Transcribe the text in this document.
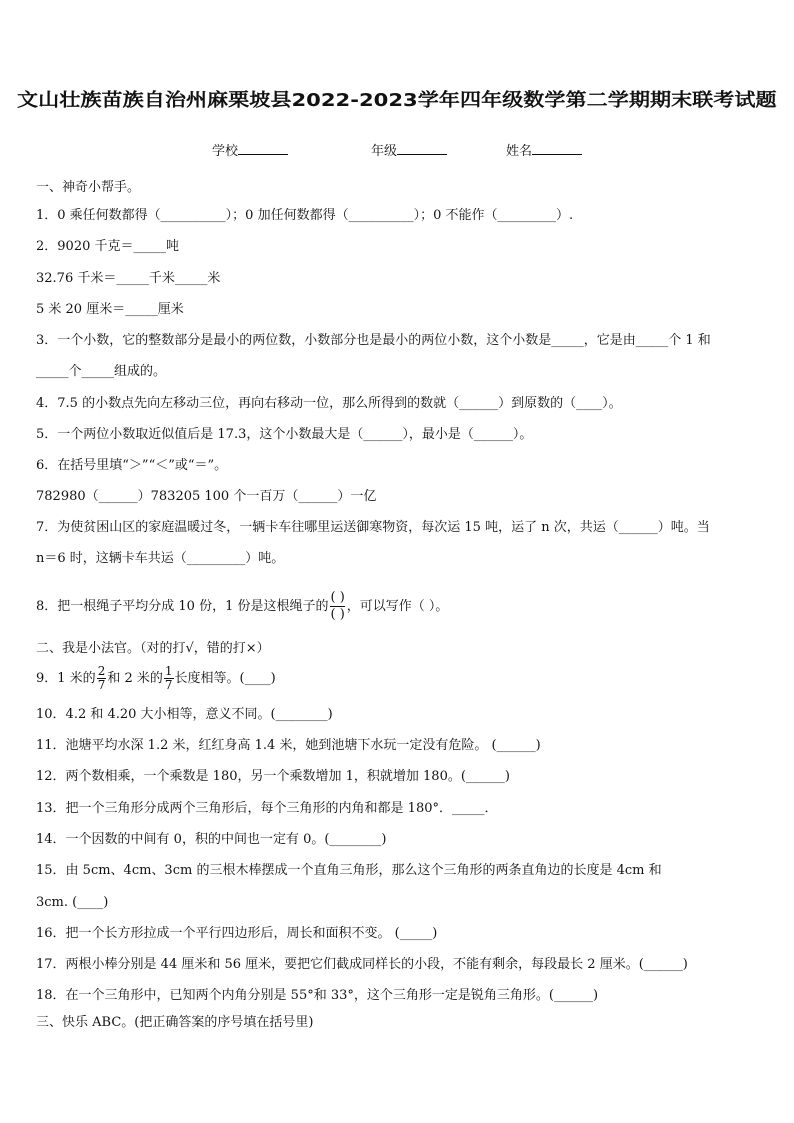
文山壮族苗族自治州麻栗坡县2022-2023学年四年级数学第二学期期末联考试题
学校	年级	姓名
一、神奇小帮手。
1．0 乘任何数都得（__________）；0 加任何数都得（__________）；0 不能作（_________）.
2．9020 千克＝_____吨
32.76 千米＝_____千米_____米
5 米 20 厘米＝_____厘米
3．一个小数，它的整数部分是最小的两位数，小数部分也是最小的两位小数，这个小数是_____，它是由_____个 1 和
_____个_____组成的。
4．7.5 的小数点先向左移动三位，再向右移动一位，那么所得到的数就（______）到原数的（____）。
5．一个两位小数取近似值后是 17.3，这个小数最大是（______），最小是（______）。
6．在括号里填“＞”“＜”或“＝”。
782980（______）783205 100 个一百万（______）一亿
7．为使贫困山区的家庭温暖过冬，一辆卡车往哪里运送御寒物资，每次运 15 吨，运了 n 次，共运（______）吨。当
n＝6 时，这辆卡车共运（_________）吨。
8．把一根绳子平均分成 10 份，1 份是这根绳子的 $\frac{( )}{( )}$ ，可以写作（ ）。
二、我是小法官。（对的打√，错的打×）
9．1 米的 $\frac{2}{7}$ 和 2 米的 $\frac{1}{7}$ 长度相等。(____)
10．4.2 和 4.20 大小相等，意义不同。(________)
11．池塘平均水深 1.2 米，红红身高 1.4 米，她到池塘下水玩一定没有危险。 (______)
12．两个数相乘，一个乘数是 180，另一个乘数增加 1，积就增加 180。(______)
13．把一个三角形分成两个三角形后，每个三角形的内角和都是 180°．_____．
14．一个因数的中间有 0，积的中间也一定有 0。(________)
15．由 5cm、4cm、3cm 的三根木棒摆成一个直角三角形，那么这个三角形的两条直角边的长度是 4cm 和
3cm. (____)
16．把一个长方形拉成一个平行四边形后，周长和面积不变。 (_____)
17．两根小棒分别是 44 厘米和 56 厘米，要把它们截成同样长的小段，不能有剩余，每段最长 2 厘米。(______)
18．在一个三角形中，已知两个内角分别是 55°和 33°，这个三角形一定是锐角三角形。(______)
三、快乐 ABC。(把正确答案的序号填在括号里)
